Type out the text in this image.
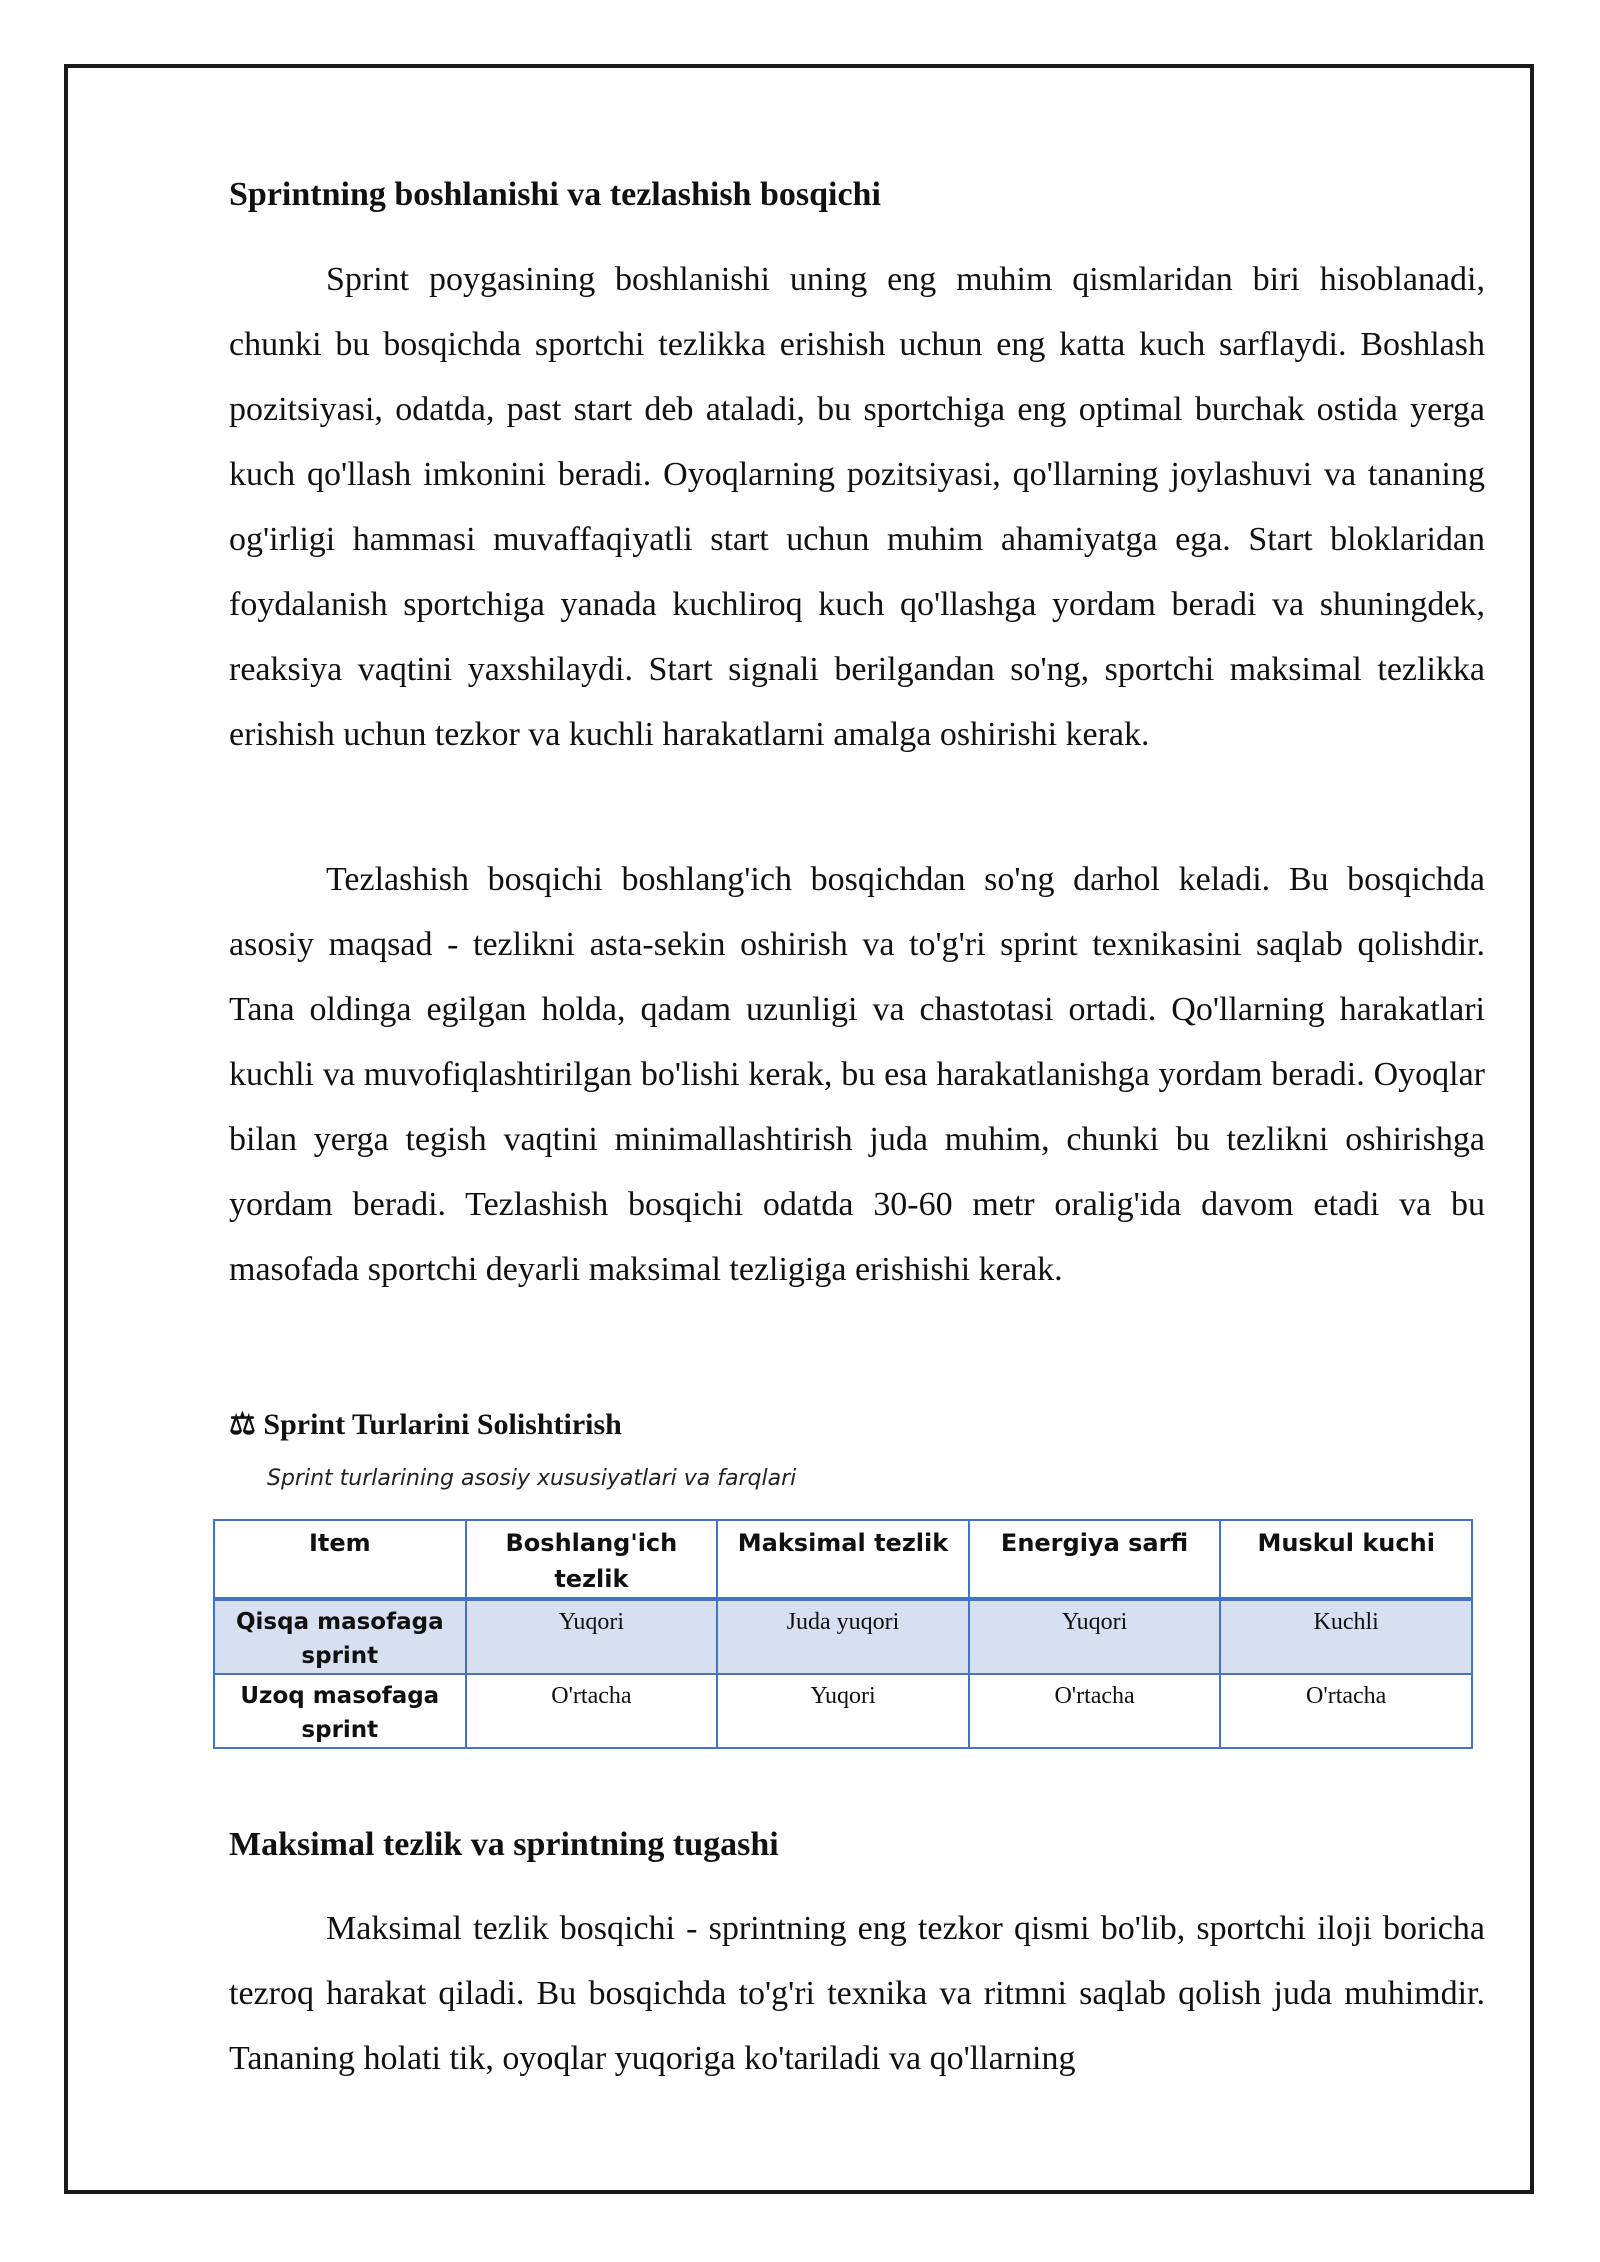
Sprintning boshlanishi va tezlashish bosqichi

Sprint poygasining boshlanishi uning eng muhim qismlaridan biri hisoblanadi, chunki bu bosqichda sportchi tezlikka erishish uchun eng katta kuch sarflaydi. Boshlash pozitsiyasi, odatda, past start deb ataladi, bu sportchiga eng optimal burchak ostida yerga kuch qo'llash imkonini beradi. Oyoqlarning pozitsiyasi, qo'llarning joylashuvi va tananing og'irligi hammasi muvaffaqiyatli start uchun muhim ahamiyatga ega. Start bloklaridan foydalanish sportchiga yanada kuchliroq kuch qo'llashga yordam beradi va shuningdek, reaksiya vaqtini yaxshilaydi. Start signali berilgandan so'ng, sportchi maksimal tezlikka erishish uchun tezkor va kuchli harakatlarni amalga oshirishi kerak.

Tezlashish bosqichi boshlang'ich bosqichdan so'ng darhol keladi. Bu bosqichda asosiy maqsad - tezlikni asta-sekin oshirish va to'g'ri sprint texnikasini saqlab qolishdir. Tana oldinga egilgan holda, qadam uzunligi va chastotasi ortadi. Qo'llarning harakatlari kuchli va muvofiqlashtirilgan bo'lishi kerak, bu esa harakatlanishga yordam beradi. Oyoqlar bilan yerga tegish vaqtini minimallashtirish juda muhim, chunki bu tezlikni oshirishga yordam beradi. Tezlashish bosqichi odatda 30-60 metr oralig'ida davom etadi va bu masofada sportchi deyarli maksimal tezligiga erishishi kerak.

Maksimal tezlik va sprintning tugashi

Maksimal tezlik bosqichi - sprintning eng tezkor qismi bo'lib, sportchi iloji boricha tezroq harakat qiladi. Bu bosqichda to'g'ri texnika va ritmni saqlab qolish juda muhimdir. Tananing holati tik, oyoqlar yuqoriga ko'tariladi va qo'llarning

⚖ Sprint Turlarini Solishtirish
Sprint turlarining asosiy xususiyatlari va farqlari
Item	Boshlang'ich tezlik	Maksimal tezlik	Energiya sarfi	Muskul kuchi
Qisqa masofaga sprint	Yuqori	Juda yuqori	Yuqori	Kuchli
Uzoq masofaga sprint	O'rtacha	Yuqori	O'rtacha	O'rtacha
